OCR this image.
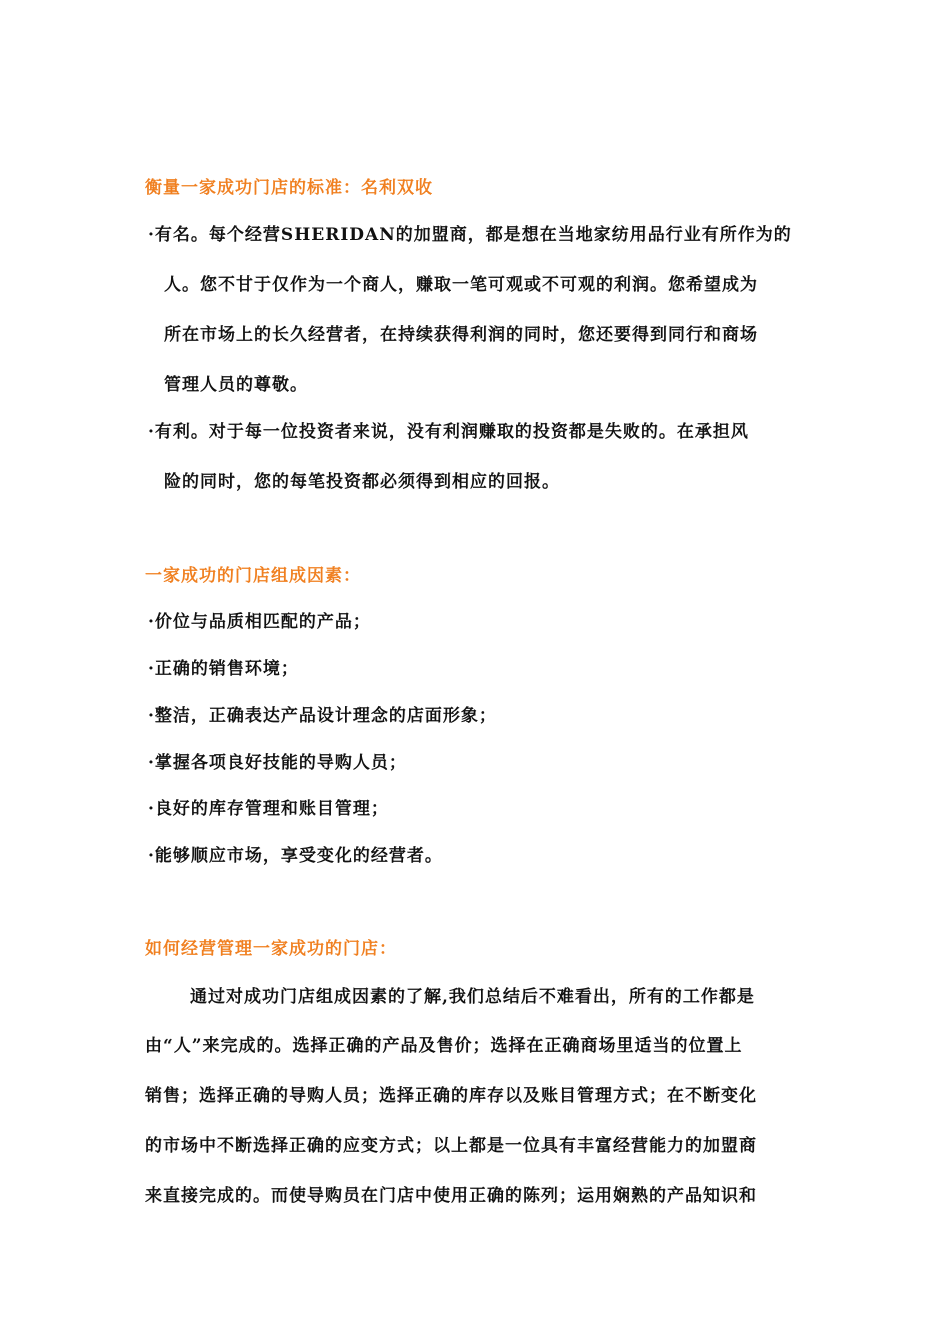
衡量一家成功门店的标准：名利双收
·有名。每个经营SHERIDAN的加盟商，都是想在当地家纺用品行业有所作为的
人。您不甘于仅作为一个商人，赚取一笔可观或不可观的利润。您希望成为
所在市场上的长久经营者，在持续获得利润的同时，您还要得到同行和商场
管理人员的尊敬。
·有利。对于每一位投资者来说，没有利润赚取的投资都是失败的。在承担风
险的同时，您的每笔投资都必须得到相应的回报。
一家成功的门店组成因素：
·价位与品质相匹配的产品；
·正确的销售环境；
·整洁，正确表达产品设计理念的店面形象；
·掌握各项良好技能的导购人员；
·良好的库存管理和账目管理；
·能够顺应市场，享受变化的经营者。
如何经营管理一家成功的门店：
通过对成功门店组成因素的了解,我们总结后不难看出，所有的工作都是
由“人”来完成的。选择正确的产品及售价；选择在正确商场里适当的位置上
销售；选择正确的导购人员；选择正确的库存以及账目管理方式；在不断变化
的市场中不断选择正确的应变方式；以上都是一位具有丰富经营能力的加盟商
来直接完成的。而使导购员在门店中使用正确的陈列；运用娴熟的产品知识和
